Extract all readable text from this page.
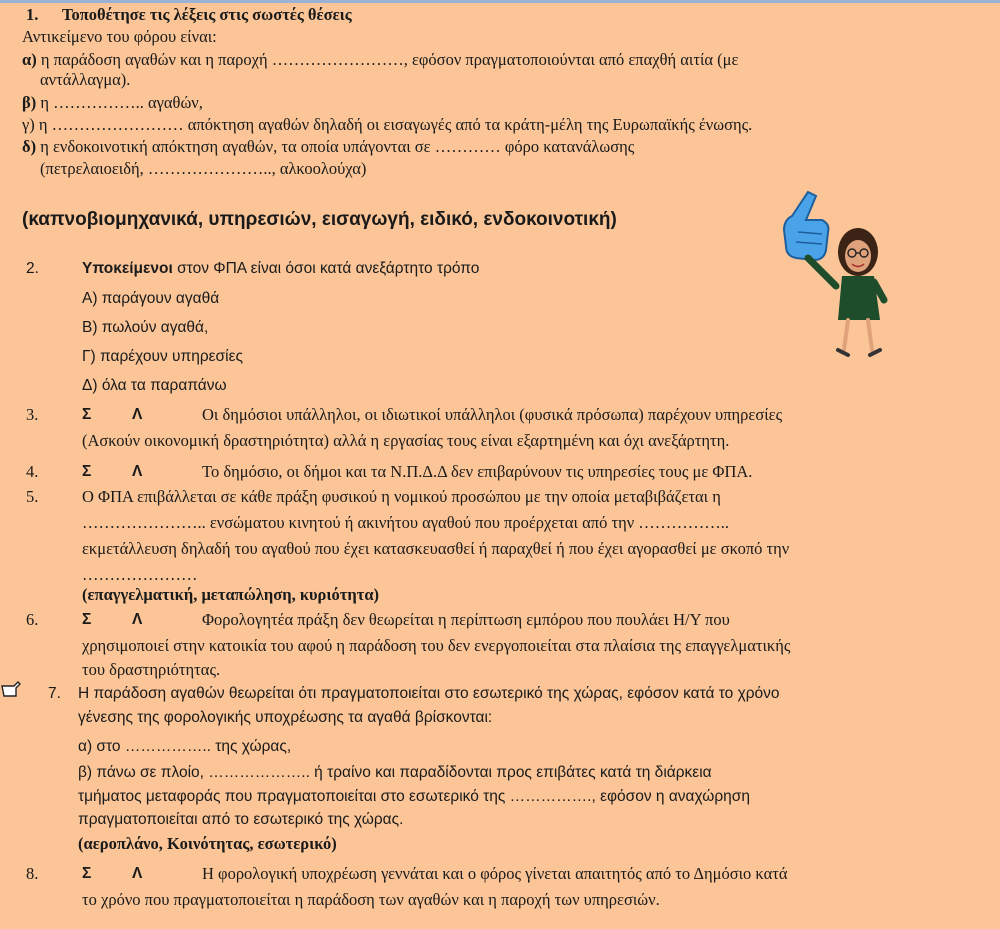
1. Τοποθέτησε τις λέξεις στις σωστές θέσεις
Αντικείμενο του φόρου είναι:
α) η παράδοση αγαθών και η παροχή ……………………, εφόσον πραγματοποιούνται από επαχθή αιτία (με
αντάλλαγμα).
β) η …………….. αγαθών,
γ) η …………………… απόκτηση αγαθών δηλαδή οι εισαγωγές από τα κράτη-μέλη της Ευρωπαϊκής ένωσης.
δ) η ενδοκοινοτική απόκτηση αγαθών, τα οποία υπάγονται σε ………… φόρο κατανάλωσης
(πετρελαιοειδή, ………………….., αλκοολούχα)
(καπνοβιομηχανικά, υπηρεσιών, εισαγωγή, ειδικό, ενδοκοινοτική)
2.	Υποκείμενοι στον ΦΠΑ είναι όσοι κατά ανεξάρτητο τρόπο
Α) παράγουν αγαθά
Β) πωλούν αγαθά,
Γ) παρέχουν υπηρεσίες
Δ) όλα τα παραπάνω
3.	Σ	Λ	Οι δημόσιοι υπάλληλοι, οι ιδιωτικοί υπάλληλοι (φυσικά πρόσωπα) παρέχουν υπηρεσίες
(Ασκούν οικονομική δραστηριότητα) αλλά η εργασίας τους είναι εξαρτημένη και όχι ανεξάρτητη.
4.	Σ	Λ	Το δημόσιο, οι δήμοι και τα Ν.Π.Δ.Δ δεν επιβαρύνουν τις υπηρεσίες τους με ΦΠΑ.
5.	Ο ΦΠΑ επιβάλλεται σε κάθε πράξη φυσικού η νομικού προσώπου με την οποία μεταβιβάζεται η
………………….. ενσώματου κινητού ή ακινήτου αγαθού που προέρχεται από την ……………..
εκμετάλλευση δηλαδή του αγαθού που έχει κατασκευασθεί ή παραχθεί ή που έχει αγορασθεί με σκοπό την
…………………
(επαγγελματική, μεταπώληση, κυριότητα)
6.	Σ	Λ	Φορολογητέα πράξη δεν θεωρείται η περίπτωση εμπόρου που πουλάει Η/Υ που
χρησιμοποιεί στην κατοικία του αφού η παράδοση του δεν ενεργοποιείται στα πλαίσια της επαγγελματικής
του δραστηριότητας.
7. Η παράδοση αγαθών θεωρείται ότι πραγματοποιείται στο εσωτερικό της χώρας, εφόσον κατά το χρόνο
γένεσης της φορολογικής υποχρέωσης τα αγαθά βρίσκονται:
α) στο …………….. της χώρας,
β) πάνω σε πλοίο, ……………….. ή τραίνο και παραδίδονται προς επιβάτες κατά τη διάρκεια
τμήματος μεταφοράς που πραγματοποιείται στο εσωτερικό της ……………., εφόσον η αναχώρηση
πραγματοποιείται από το εσωτερικό της χώρας.
(αεροπλάνο, Κοινότητας, εσωτερικό)
8.	Σ	Λ	Η φορολογική υποχρέωση γεννάται και ο φόρος γίνεται απαιτητός από το Δημόσιο κατά
το χρόνο που πραγματοποιείται η παράδοση των αγαθών και η παροχή των υπηρεσιών.
